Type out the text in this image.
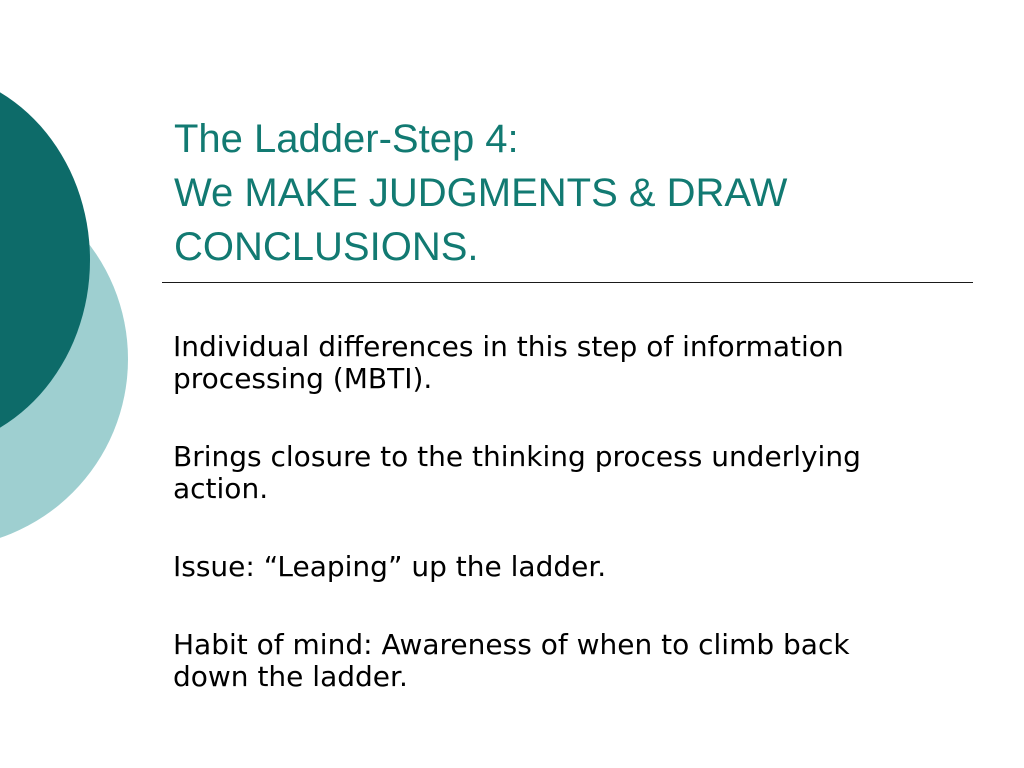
The Ladder-Step 4:
We MAKE JUDGMENTS & DRAW
CONCLUSIONS.

Individual differences in this step of information processing (MBTI).

Brings closure to the thinking process underlying action.

Issue: “Leaping” up the ladder.

Habit of mind: Awareness of when to climb back down the ladder.
